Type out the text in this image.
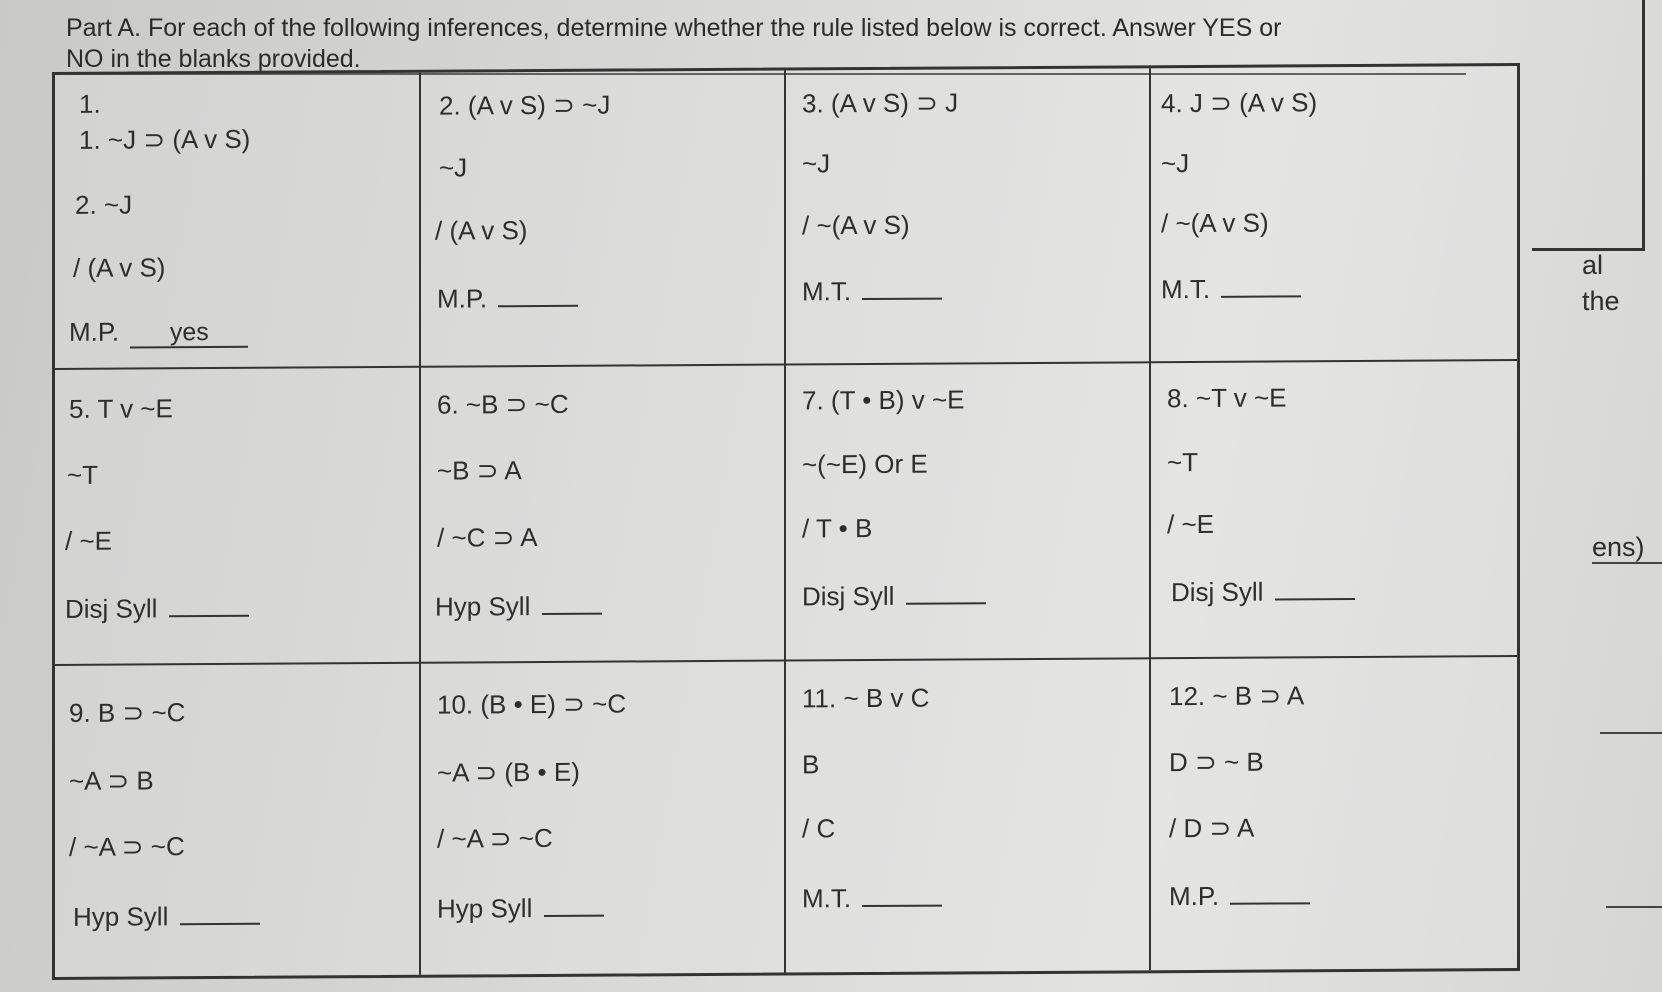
Part A. For each of the following inferences, determine whether the rule listed below is correct. Answer YES or
NO in the blanks provided.
1.
1. ~J ⊃ (A v S)
2. ~J
/ (A v S)
M.P. yes
2. (A v S) ⊃ ~J
~J
/ (A v S)
M.P.
3. (A v S) ⊃ J
~J
/ ~(A v S)
M.T.
4. J ⊃ (A v S)
~J
/ ~(A v S)
M.T.
5. T v ~E
~T
/ ~E
Disj Syll
6. ~B ⊃ ~C
~B ⊃ A
/ ~C ⊃ A
Hyp Syll
7. (T • B) v ~E
~(~E) Or E
/ T • B
Disj Syll
8. ~T v ~E
~T
/ ~E
Disj Syll
9. B ⊃ ~C
~A ⊃ B
/ ~A ⊃ ~C
Hyp Syll
10. (B • E) ⊃ ~C
~A ⊃ (B • E)
/ ~A ⊃ ~C
Hyp Syll
11. ~ B v C
B
/ C
M.T.
12. ~ B ⊃ A
D ⊃ ~ B
/ D ⊃ A
M.P.
al
the
ens)
